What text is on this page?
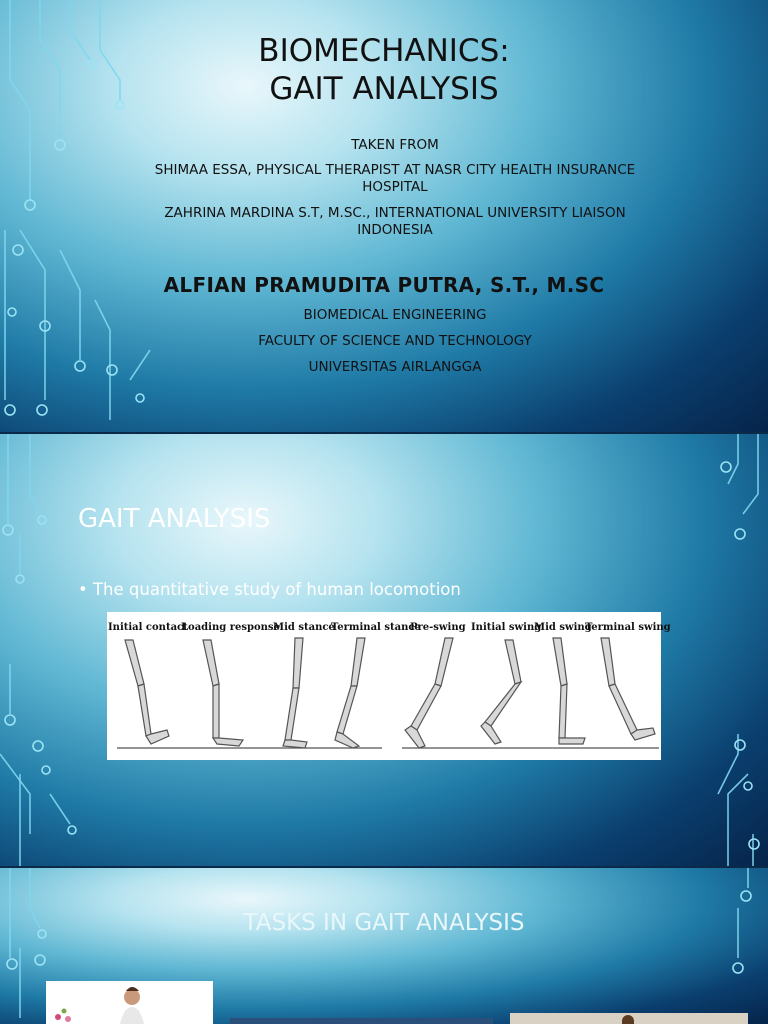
BIOMECHANICS:
GAIT ANALYSIS
TAKEN FROM
SHIMAA ESSA, PHYSICAL THERAPIST AT NASR CITY HEALTH INSURANCE HOSPITAL
ZAHRINA MARDINA S.T, M.SC., INTERNATIONAL UNIVERSITY LIAISON INDONESIA
ALFIAN PRAMUDITA PUTRA, S.T., M.SC
BIOMEDICAL ENGINEERING
FACULTY OF SCIENCE AND TECHNOLOGY
UNIVERSITAS AIRLANGGA
GAIT ANALYSIS
• The quantitative study of human locomotion
Initial contact
Loading response
Mid stance
Terminal stance
Pre-swing Initial swing
Mid swing
Terminal swing
TASKS IN GAIT ANALYSIS
